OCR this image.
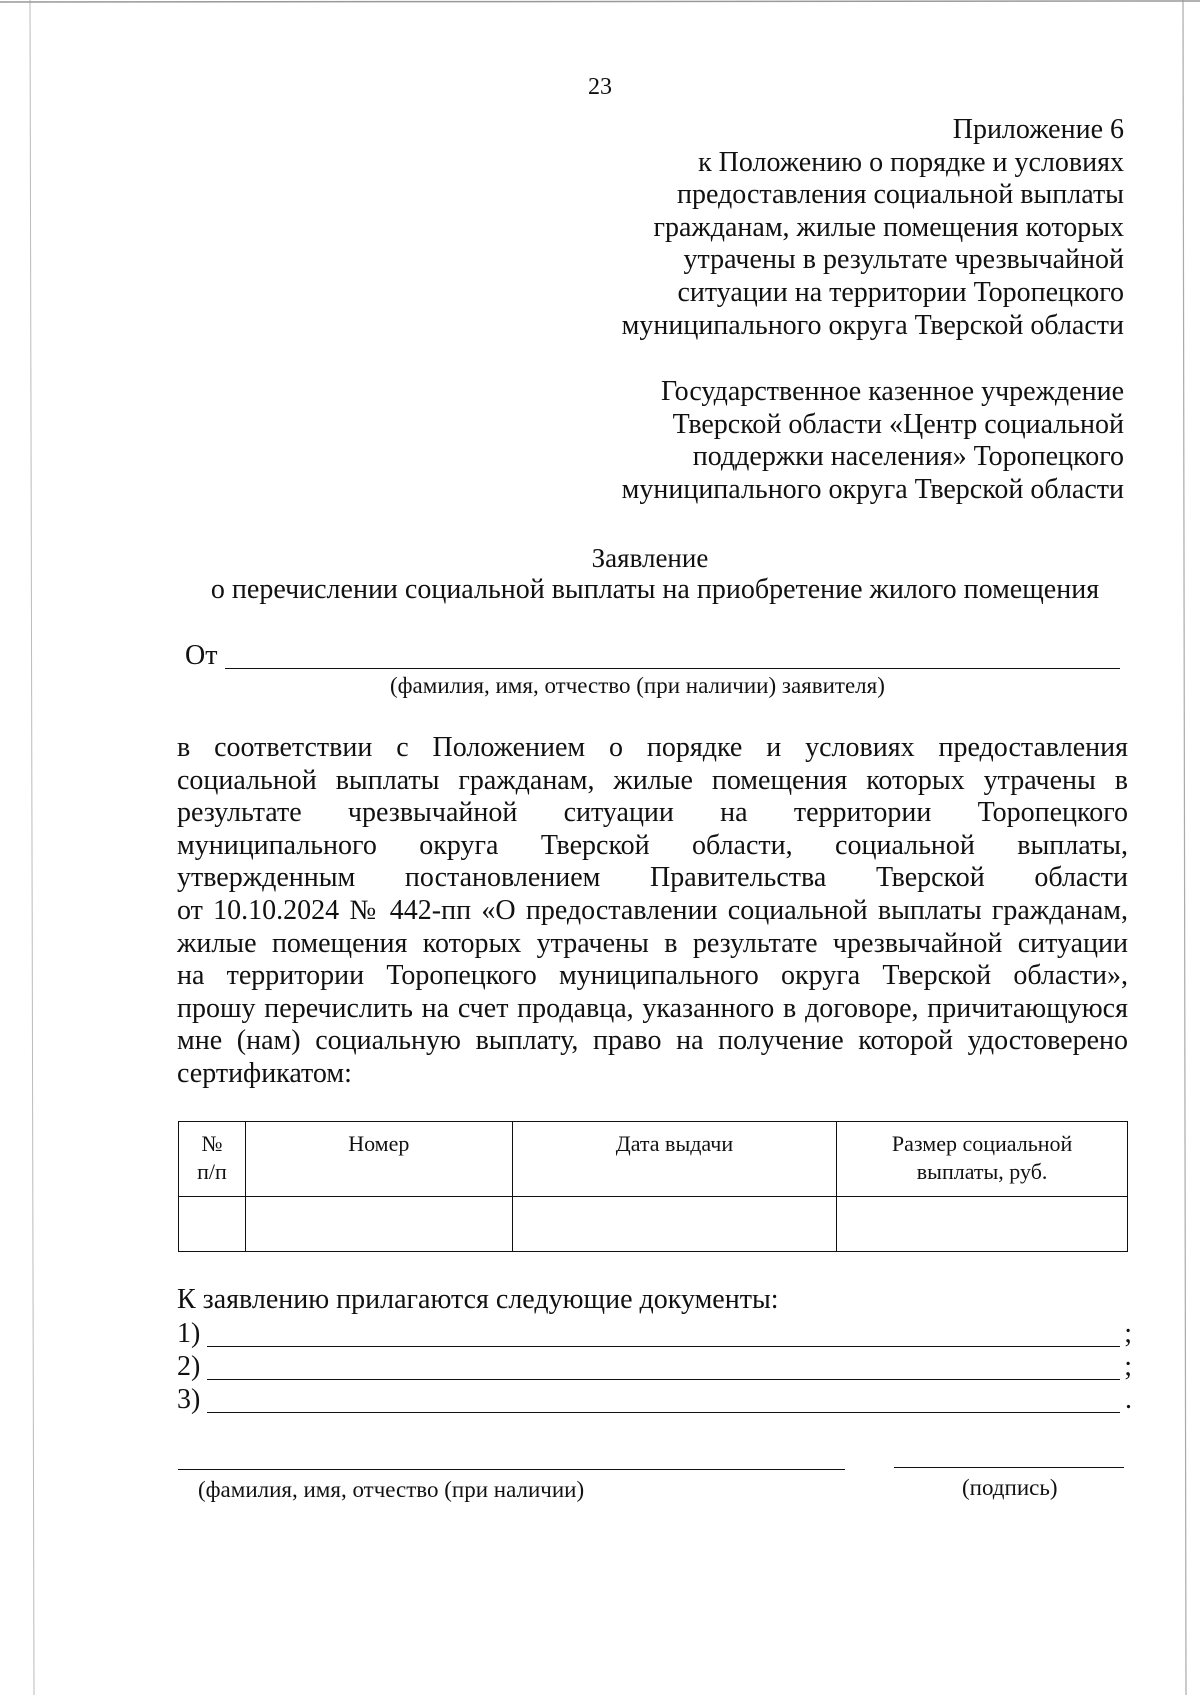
23
Приложение 6
к Положению о порядке и условиях
предоставления социальной выплаты
гражданам, жилые помещения которых
утрачены в результате чрезвычайной
ситуации на территории Торопецкого
муниципального округа Тверской области
Государственное казенное учреждение
Тверской области «Центр социальной
поддержки населения» Торопецкого
муниципального округа Тверской области
Заявление
о перечислении социальной выплаты на приобретение жилого помещения
От
(фамилия, имя, отчество (при наличии) заявителя)
в соответствии с Положением о порядке и условиях предоставления
социальной выплаты гражданам, жилые помещения которых утрачены в
результате чрезвычайной ситуации на территории Торопецкого
муниципального округа Тверской области, социальной выплаты,
утвержденным постановлением Правительства Тверской области
от 10.10.2024 № 442-пп «О предоставлении социальной выплаты гражданам,
жилые помещения которых утрачены в результате чрезвычайной ситуации
на территории Торопецкого муниципального округа Тверской области»,
прошу перечислить на счет продавца, указанного в договоре, причитающуюся
мне (нам) социальную выплату, право на получение которой удостоверено
сертификатом:
№
п/п	Номер	Дата выдачи	Размер социальной
выплаты, руб.

К заявлению прилагаются следующие документы:
1)	;
2)	;
3)	.
(фамилия, имя, отчество (при наличии)	(подпись)
